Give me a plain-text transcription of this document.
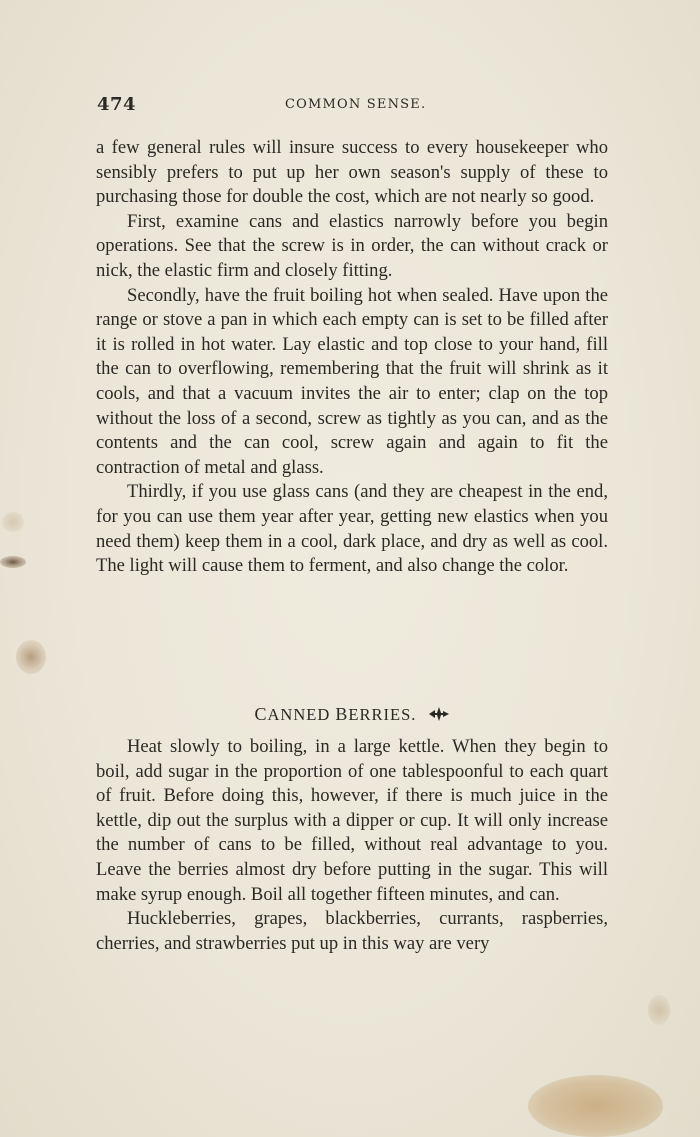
474	COMMON SENSE.

a few general rules will insure success to every housekeeper who sensibly prefers to put up her own season's supply of these to purchasing those for double the cost, which are not nearly so good.

First, examine cans and elastics narrowly before you begin operations. See that the screw is in order, the can without crack or nick, the elastic firm and closely fitting.

Secondly, have the fruit boiling hot when sealed. Have upon the range or stove a pan in which each empty can is set to be filled after it is rolled in hot water. Lay elastic and top close to your hand, fill the can to overflowing, remembering that the fruit will shrink as it cools, and that a vacuum invites the air to enter; clap on the top without the loss of a second, screw as tightly as you can, and as the contents and the can cool, screw again and again to fit the contraction of metal and glass.

Thirdly, if you use glass cans (and they are cheapest in the end, for you can use them year after year, getting new elastics when you need them) keep them in a cool, dark place, and dry as well as cool. The light will cause them to ferment, and also change the color.

CANNED BERRIES.

Heat slowly to boiling, in a large kettle. When they begin to boil, add sugar in the proportion of one tablespoonful to each quart of fruit. Before doing this, however, if there is much juice in the kettle, dip out the surplus with a dipper or cup. It will only increase the number of cans to be filled, without real advantage to you. Leave the berries almost dry before putting in the sugar. This will make syrup enough. Boil all together fifteen minutes, and can.

Huckleberries, grapes, blackberries, currants, raspberries, cherries, and strawberries put up in this way are very
